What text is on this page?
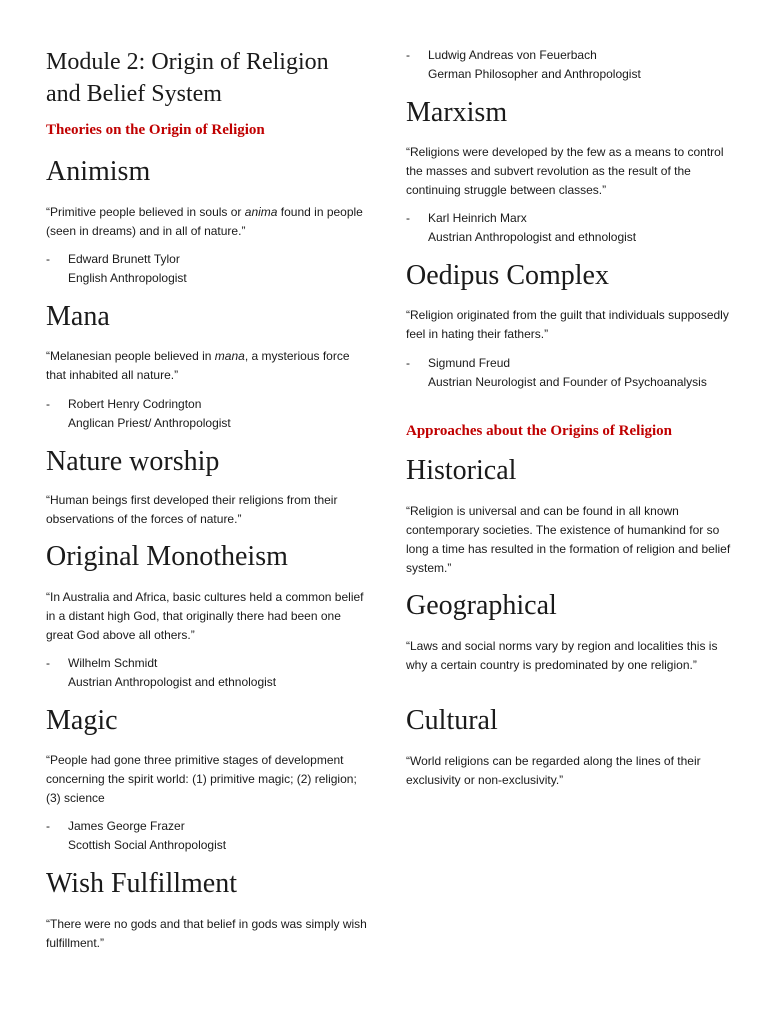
Module 2: Origin of Religion and Belief System
Theories on the Origin of Religion
Animism

“Primitive people believed in souls or anima found in people (seen in dreams) and in all of nature.”

-	Edward Brunett Tylor
English Anthropologist
Mana

“Melanesian people believed in mana, a mysterious force that inhabited all nature.”

-	Robert Henry Codrington
Anglican Priest/ Anthropologist
Nature worship

“Human beings first developed their religions from their observations of the forces of nature.”

Original Monotheism

“In Australia and Africa, basic cultures held a common belief in a distant high God, that originally there had been one great God above all others.”

-	Wilhelm Schmidt
Austrian Anthropologist and ethnologist
Magic

“People had gone three primitive stages of development concerning the spirit world: (1) primitive magic; (2) religion; (3) science

-	James George Frazer
Scottish Social Anthropologist
Wish Fulfillment

“There were no gods and that belief in gods was simply wish fulfillment.”

-	Ludwig Andreas von Feuerbach
German Philosopher and Anthropologist
Marxism

“Religions were developed by the few as a means to control the masses and subvert revolution as the result of the continuing struggle between classes.”

-	Karl Heinrich Marx
Austrian Anthropologist and ethnologist
Oedipus Complex

“Religion originated from the guilt that individuals supposedly feel in hating their fathers.”

-	Sigmund Freud
Austrian Neurologist and Founder of Psychoanalysis
Approaches about the Origins of Religion
Historical

“Religion is universal and can be found in all known contemporary societies. The existence of humankind for so long a time has resulted in the formation of religion and belief system.”

Geographical

“Laws and social norms vary by region and localities this is why a certain country is predominated by one religion.”

Cultural

“World religions can be regarded along the lines of their exclusivity or non-exclusivity.”
